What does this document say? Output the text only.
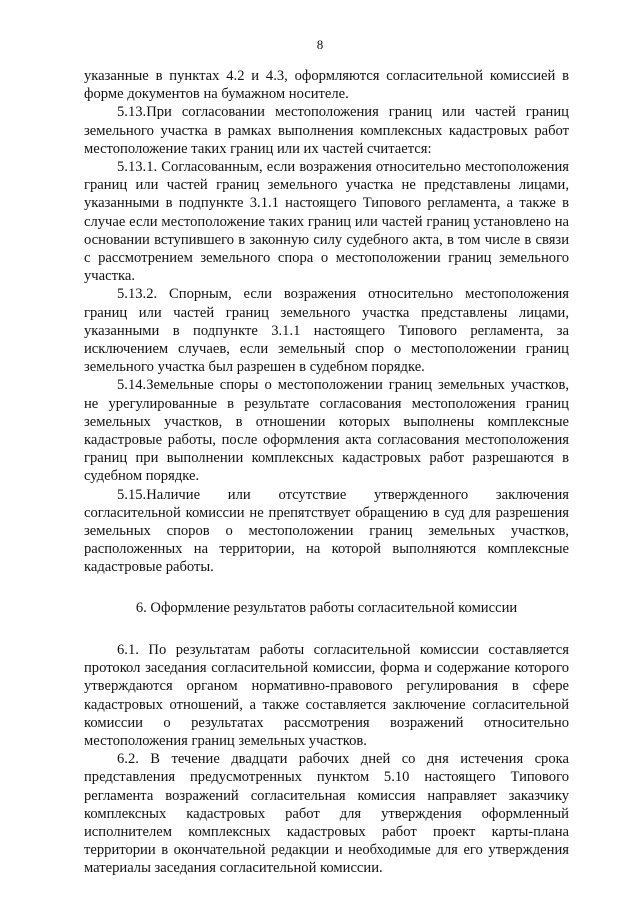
8

указанные в пунктах 4.2 и 4.3, оформляются согласительной комиссией в форме документов на бумажном носителе.

5.13.При согласовании местоположения границ или частей границ земельного участка в рамках выполнения комплексных кадастровых работ местоположение таких границ или их частей считается:

5.13.1. Согласованным, если возражения относительно местоположения границ или частей границ земельного участка не представлены лицами, указанными в подпункте 3.1.1 настоящего Типового регламента, а также в случае если местоположение таких границ или частей границ установлено на основании вступившего в законную силу судебного акта, в том числе в связи с рассмотрением земельного спора о местоположении границ земельного участка.

5.13.2. Спорным, если возражения относительно местоположения границ или частей границ земельного участка представлены лицами, указанными в подпункте 3.1.1 настоящего Типового регламента, за исключением случаев, если земельный спор о местоположении границ земельного участка был разрешен в судебном порядке.

5.14.Земельные споры о местоположении границ земельных участков, не урегулированные в результате согласования местоположения границ земельных участков, в отношении которых выполнены комплексные кадастровые работы, после оформления акта согласования местоположения границ при выполнении комплексных кадастровых работ разрешаются в судебном порядке.

5.15.Наличие или отсутствие утвержденного заключения согласительной комиссии не препятствует обращению в суд для разрешения земельных споров о местоположении границ земельных участков, расположенных на территории, на которой выполняются комплексные кадастровые работы.

6. Оформление результатов работы согласительной комиссии

6.1. По результатам работы согласительной комиссии составляется протокол заседания согласительной комиссии, форма и содержание которого утверждаются органом нормативно-правового регулирования в сфере кадастровых отношений, а также составляется заключение согласительной комиссии о результатах рассмотрения возражений относительно местоположения границ земельных участков.

6.2. В течение двадцати рабочих дней со дня истечения срока представления предусмотренных пунктом 5.10 настоящего Типового регламента возражений согласительная комиссия направляет заказчику комплексных кадастровых работ для утверждения оформленный исполнителем комплексных кадастровых работ проект карты-плана территории в окончательной редакции и необходимые для его утверждения материалы заседания согласительной комиссии.
